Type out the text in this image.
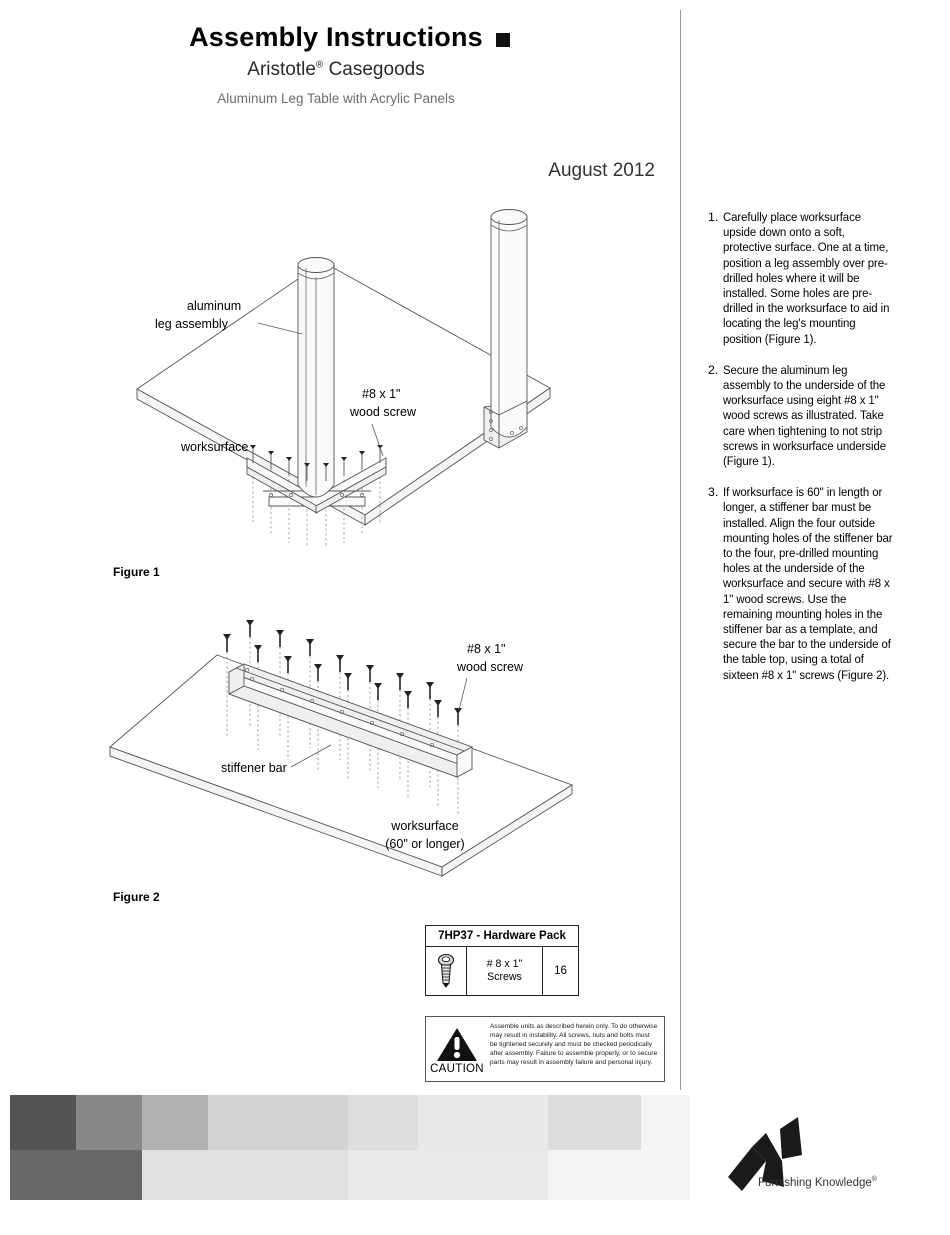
Assembly Instructions
Aristotle® Casegoods
Aluminum Leg Table with Acrylic Panels
August 2012
1. Carefully place worksurface upside down onto a soft, protective surface. One at a time, position a leg assembly over pre-drilled holes where it will be installed. Some holes are pre-drilled in the worksurface to aid in locating the leg's mounting position (Figure 1).
2. Secure the aluminum leg assembly to the underside of the worksurface using eight #8 x 1" wood screws as illustrated. Take care when tightening to not strip screws in worksurface underside (Figure 1).
3. If worksurface is 60" in length or longer, a stiffener bar must be installed. Align the four outside mounting holes of the stiffener bar to the four, pre-drilled mounting holes at the underside of the worksurface and secure with #8 x 1" wood screws. Use the remaining mounting holes in the stiffener bar as a template, and secure the bar to the underside of the table top, using a total of sixteen #8 x 1" screws (Figure 2).
aluminum
leg assembly
worksurface
#8 x 1"
wood screw
Figure 1
#8 x 1"
wood screw
stiffener bar
worksurface
(60" or longer)
Figure 2
7HP37 - Hardware Pack
# 8 x 1"
Screws	16
CAUTION
Assemble units as described herein only. To do otherwise may result in instability. All screws, nuts and bolts must be tightened securely and must be checked periodically after assembly. Failure to assemble properly, or to secure parts may result in assembly failure and personal injury.
Furnishing Knowledge®
